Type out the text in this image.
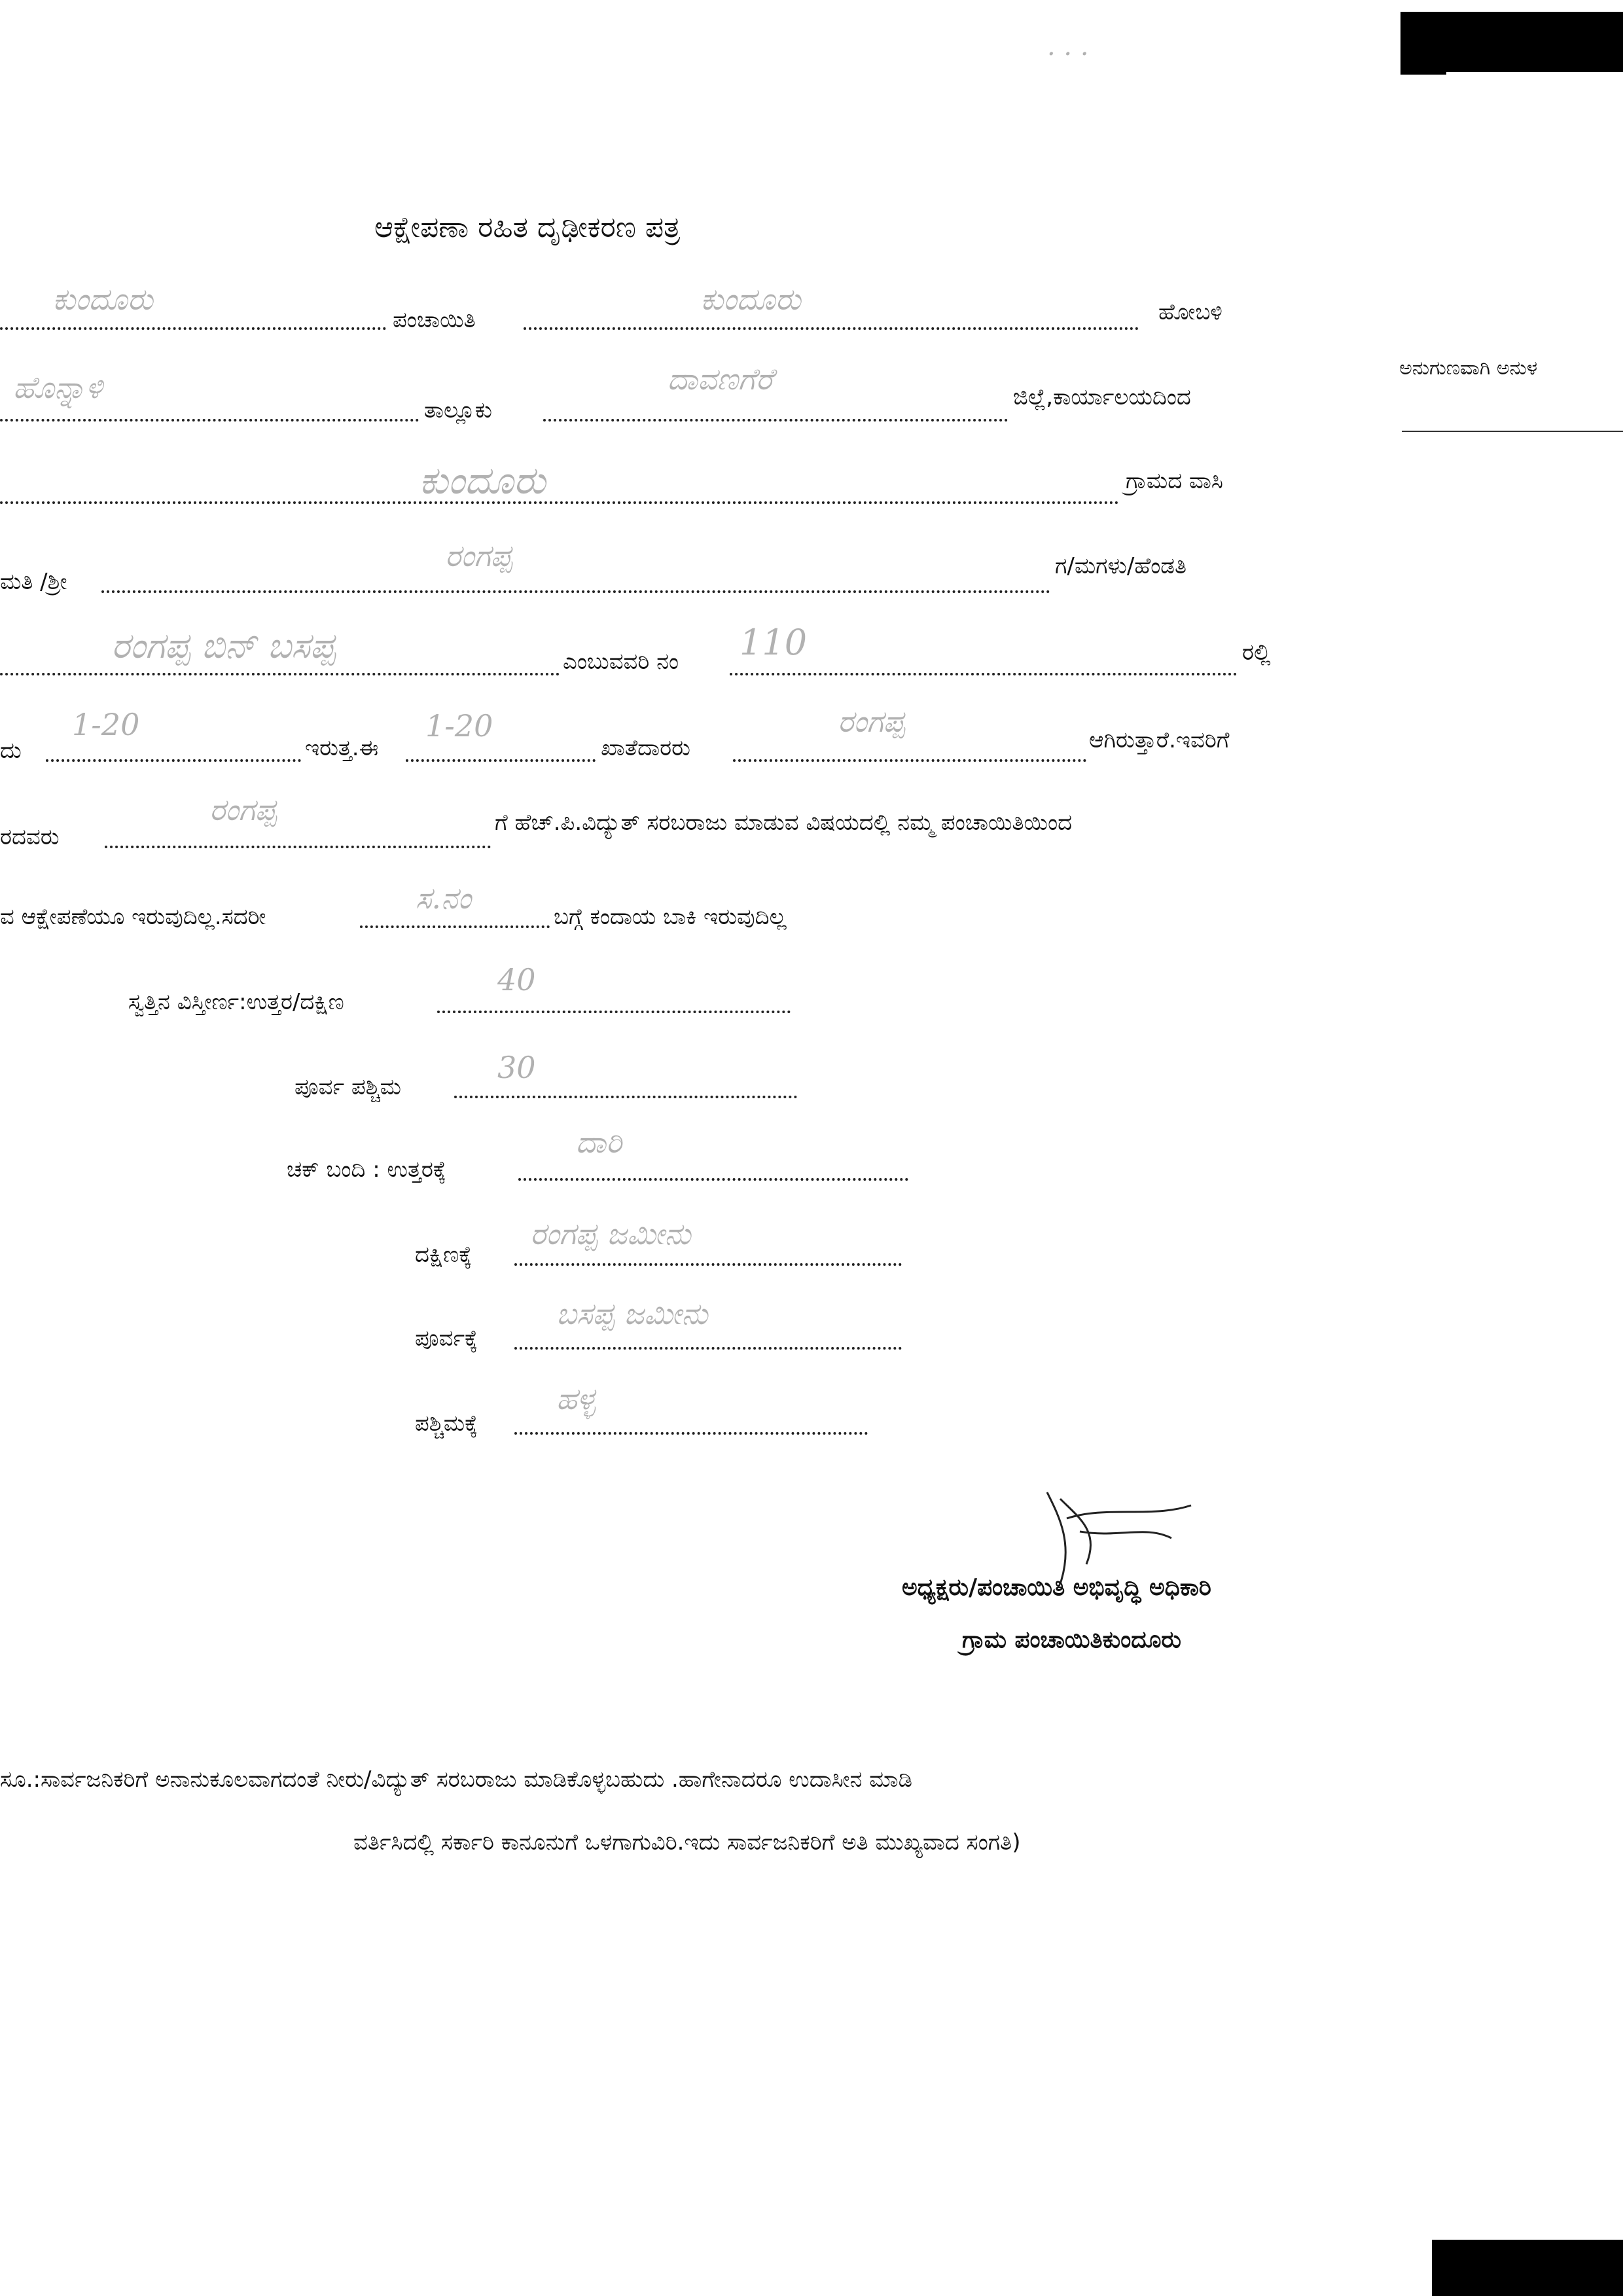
· · ·
ಆಕ್ಷೇಪಣಾ ರಹಿತ ದೃಢೀಕರಣ ಪತ್ರ
ಅನುಗುಣವಾಗಿ ಅನುಳ
ಕುಂದೂರು
ಪಂಚಾಯಿತಿ
ಕುಂದೂರು	ಹೋಬಳಿ
ಹೊನ್ನಾಳಿ
ತಾಲ್ಲೂಕು
ದಾವಣಗೆರೆ
ಜಿಲ್ಲೆ,ಕಾರ್ಯಾಲಯದಿಂದ
ಕುಂದೂರು	ಗ್ರಾಮದ ವಾಸಿ
ಮತಿ /ಶ್ರೀ
ರಂಗಪ್ಪ	ಗ/ಮಗಳು/ಹೆಂಡತಿ
ರಂಗಪ್ಪ ಬಿನ್ ಬಸಪ್ಪ	ಎಂಬುವವರಿ ನಂ 110	ರಲ್ಲಿ
ದು
1-20
ಇರುತ್ತ.ಈ
1-20
ಖಾತೆದಾರರು
ರಂಗಪ್ಪ
ಆಗಿರುತ್ತಾರೆ.ಇವರಿಗೆ
ರದವರು
ರಂಗಪ್ಪ	ಗೆ ಹೆಚ್.ಪಿ.ವಿದ್ಯುತ್ ಸರಬರಾಜು ಮಾಡುವ ವಿಷಯದಲ್ಲಿ ನಮ್ಮ ಪಂಚಾಯಿತಿಯಿಂದ
ವ ಆಕ್ಷೇಪಣೆಯೂ ಇರುವುದಿಲ್ಲ.ಸದರೀ
ಸ.ನಂ
ಬಗ್ಗೆ ಕಂದಾಯ ಬಾಕಿ ಇರುವುದಿಲ್ಲ
ಸ್ವತ್ತಿನ ವಿಸ್ತೀರ್ಣ:ಉತ್ತರ/ದಕ್ಷಿಣ
40
ಪೂರ್ವ ಪಶ್ಚಿಮ
30
ಚಕ್ ಬಂದಿ : ಉತ್ತರಕ್ಕೆ
ದಾರಿ
ದಕ್ಷಿಣಕ್ಕೆ
ರಂಗಪ್ಪ ಜಮೀನು
ಪೂರ್ವಕ್ಕೆ
ಬಸಪ್ಪ ಜಮೀನು
ಪಶ್ಚಿಮಕ್ಕೆ
ಹಳ್ಳ
ಅಧ್ಯಕ್ಷರು/ಪಂಚಾಯಿತಿ ಅಭಿವೃದ್ಧಿ ಅಧಿಕಾರಿ
ಗ್ರಾಮ ಪಂಚಾಯಿತಿಕುಂದೂರು
ಸೂ.:ಸಾರ್ವಜನಿಕರಿಗೆ ಅನಾನುಕೂಲವಾಗದಂತೆ ನೀರು/ವಿದ್ಯುತ್ ಸರಬರಾಜು ಮಾಡಿಕೊಳ್ಳಬಹುದು .ಹಾಗೇನಾದರೂ ಉದಾಸೀನ ಮಾಡಿ
ವರ್ತಿಸಿದಲ್ಲಿ ಸರ್ಕಾರಿ ಕಾನೂನುಗೆ ಒಳಗಾಗುವಿರಿ.ಇದು ಸಾರ್ವಜನಿಕರಿಗೆ ಅತಿ ಮುಖ್ಯವಾದ ಸಂಗತಿ)
